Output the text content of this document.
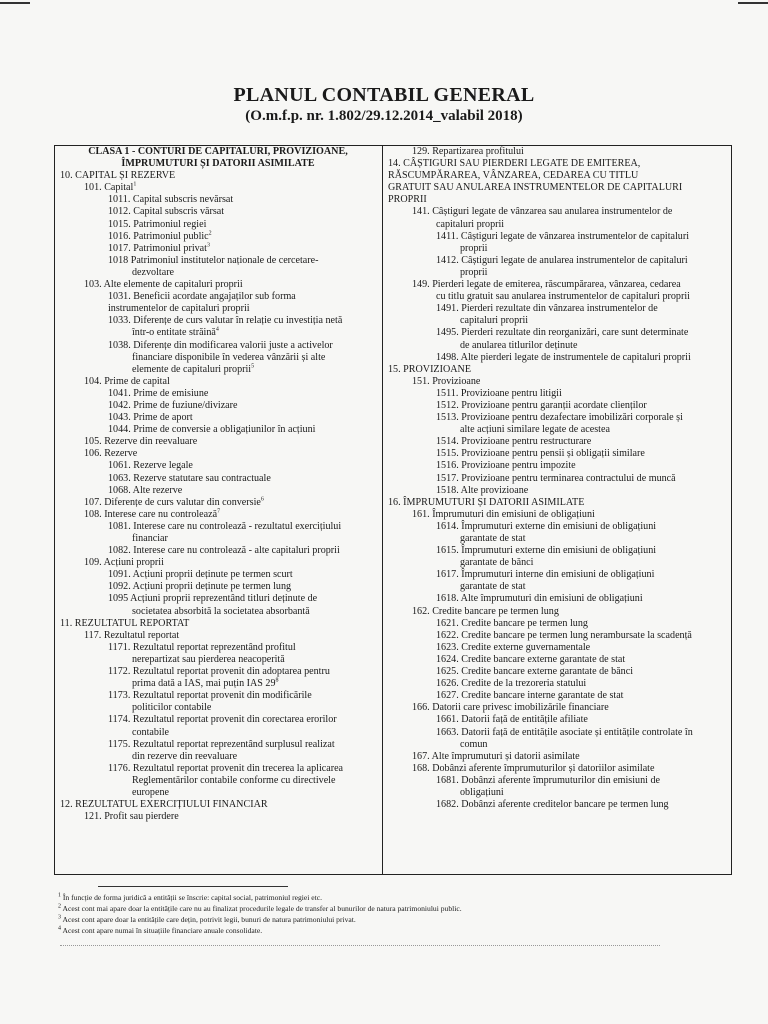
PLANUL CONTABIL GENERAL
(O.m.f.p. nr. 1.802/29.12.2014_valabil 2018)
CLASA 1 - CONTURI DE CAPITALURI, PROVIZIOANE,
ÎMPRUMUTURI ȘI DATORII ASIMILATE
10. CAPITAL ȘI REZERVE
101. Capital$^1$
1011. Capital subscris nevărsat
1012. Capital subscris vărsat
1015. Patrimoniul regiei
1016. Patrimoniul public$^2$
1017. Patrimoniul privat$^3$
1018 Patrimoniul institutelor naționale de cercetare-
dezvoltare
103. Alte elemente de capitaluri proprii
1031. Beneficii acordate angajaților sub forma
instrumentelor de capitaluri proprii
1033. Diferențe de curs valutar în relație cu investiția netă
într-o entitate străină$^4$
1038. Diferențe din modificarea valorii juste a activelor
financiare disponibile în vederea vânzării și alte
elemente de capitaluri proprii$^5$
104. Prime de capital
1041. Prime de emisiune
1042. Prime de fuziune/divizare
1043. Prime de aport
1044. Prime de conversie a obligațiunilor în acțiuni
105. Rezerve din reevaluare
106. Rezerve
1061. Rezerve legale
1063. Rezerve statutare sau contractuale
1068. Alte rezerve
107. Diferențe de curs valutar din conversie$^6$
108. Interese care nu controlează$^7$
1081. Interese care nu controlează - rezultatul exercițiului
financiar
1082. Interese care nu controlează - alte capitaluri proprii
109. Acțiuni proprii
1091. Acțiuni proprii deținute pe termen scurt
1092. Acțiuni proprii deținute pe termen lung
1095 Acțiuni proprii reprezentând titluri deținute de
societatea absorbită la societatea absorbantă
11. REZULTATUL REPORTAT
117. Rezultatul reportat
1171. Rezultatul reportat reprezentând profitul
nerepartizat sau pierderea neacoperită
1172. Rezultatul reportat provenit din adoptarea pentru
prima dată a IAS, mai puțin IAS $29^8$
1173. Rezultatul reportat provenit din modificările
politicilor contabile
1174. Rezultatul reportat provenit din corectarea erorilor
contabile
1175. Rezultatul reportat reprezentând surplusul realizat
din rezerve din reevaluare
1176. Rezultatul reportat provenit din trecerea la aplicarea
Reglementărilor contabile conforme cu directivele
europene
12. REZULTATUL EXERCIȚIULUI FINANCIAR
121. Profit sau pierdere
129. Repartizarea profitului
14. CÂȘTIGURI SAU PIERDERI LEGATE DE EMITEREA,
RĂSCUMPĂRAREA, VÂNZAREA, CEDAREA CU TITLU
GRATUIT SAU ANULAREA INSTRUMENTELOR DE CAPITALURI
PROPRII
141. Câștiguri legate de vânzarea sau anularea instrumentelor de
capitaluri proprii
1411. Câștiguri legate de vânzarea instrumentelor de capitaluri
proprii
1412. Câștiguri legate de anularea instrumentelor de capitaluri
proprii
149. Pierderi legate de emiterea, răscumpărarea, vânzarea, cedarea
cu titlu gratuit sau anularea instrumentelor de capitaluri proprii
1491. Pierderi rezultate din vânzarea instrumentelor de
capitaluri proprii
1495. Pierderi rezultate din reorganizări, care sunt determinate
de anularea titlurilor deținute
1498. Alte pierderi legate de instrumentele de capitaluri proprii
15. PROVIZIOANE
151. Provizioane
1511. Provizioane pentru litigii
1512. Provizioane pentru garanții acordate clienților
1513. Provizioane pentru dezafectare imobilizări corporale și
alte acțiuni similare legate de acestea
1514. Provizioane pentru restructurare
1515. Provizioane pentru pensii și obligații similare
1516. Provizioane pentru impozite
1517. Provizioane pentru terminarea contractului de muncă
1518. Alte provizioane
16. ÎMPRUMUTURI ȘI DATORII ASIMILATE
161. Împrumuturi din emisiuni de obligațiuni
1614. Împrumuturi externe din emisiuni de obligațiuni
garantate de stat
1615. Împrumuturi externe din emisiuni de obligațiuni
garantate de bănci
1617. Împrumuturi interne din emisiuni de obligațiuni
garantate de stat
1618. Alte împrumuturi din emisiuni de obligațiuni
162. Credite bancare pe termen lung
1621. Credite bancare pe termen lung
1622. Credite bancare pe termen lung nerambursate la scadență
1623. Credite externe guvernamentale
1624. Credite bancare externe garantate de stat
1625. Credite bancare externe garantate de bănci
1626. Credite de la trezoreria statului
1627. Credite bancare interne garantate de stat
166. Datorii care privesc imobilizările financiare
1661. Datorii față de entitățile afiliate
1663. Datorii față de entitățile asociate și entitățile controlate în
comun
167. Alte împrumuturi și datorii asimilate
168. Dobânzi aferente împrumuturilor și datoriilor asimilate
1681. Dobânzi aferente împrumuturilor din emisiuni de
obligațiuni
1682. Dobânzi aferente creditelor bancare pe termen lung
$^1$ În funcție de forma juridică a entității se înscrie: capital social, patrimoniul regiei etc.
$^2$ Acest cont mai apare doar la entitățile care nu au finalizat procedurile legale de transfer al bunurilor de natura patrimoniului public.
$^3$ Acest cont apare doar la entitățile care dețin, potrivit legii, bunuri de natura patrimoniului privat.
$^4$ Acest cont apare numai în situațiile financiare anuale consolidate.
